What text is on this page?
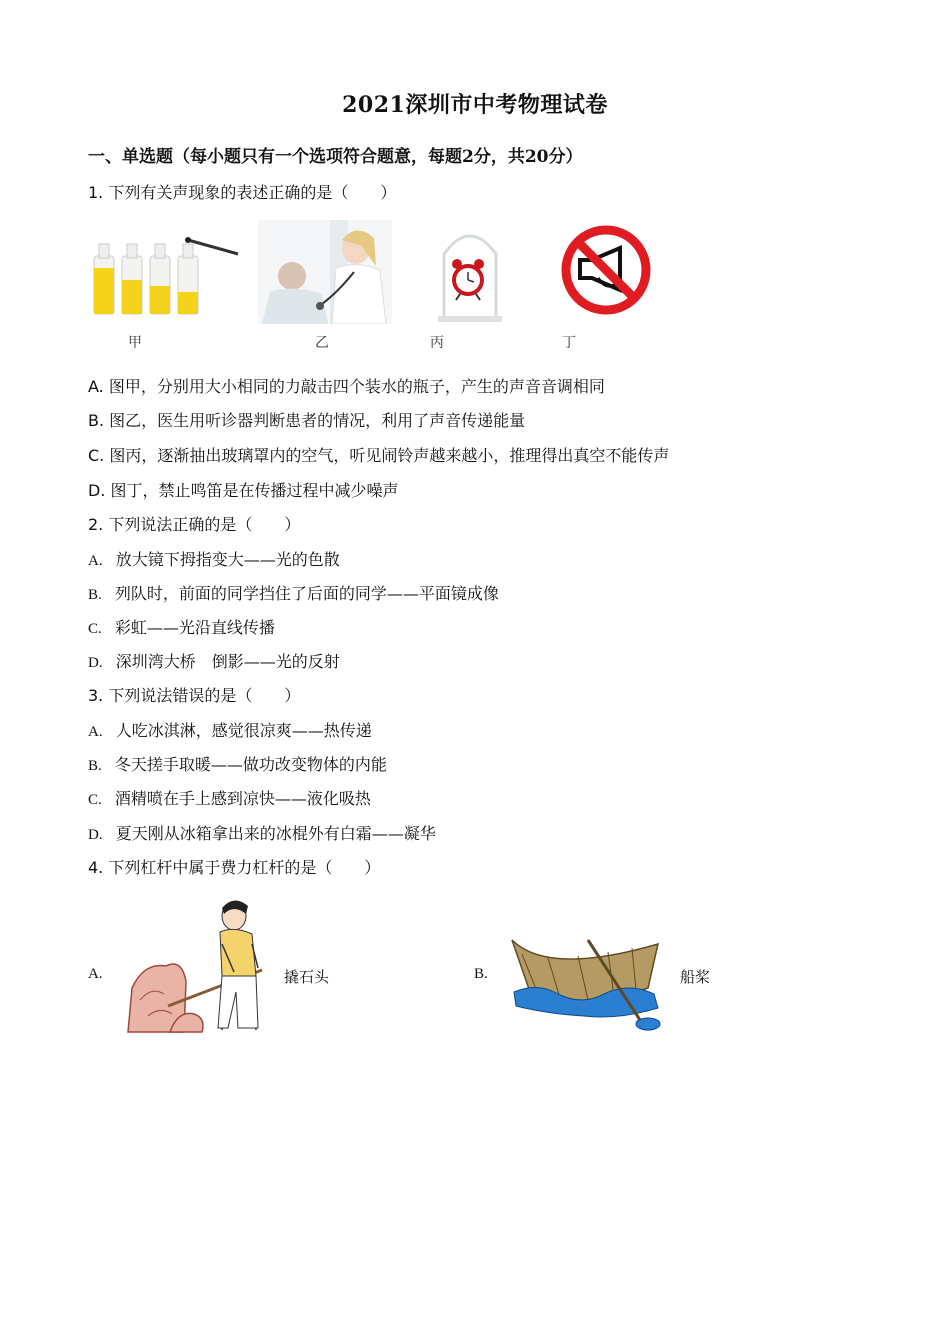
2021深圳市中考物理试卷
一、单选题（每小题只有一个选项符合题意，每题2分，共20分）
1. 下列有关声现象的表述正确的是（　　）
甲	乙	丙	丁
A. 图甲，分别用大小相同的力敲击四个装水的瓶子，产生的声音音调相同
B. 图乙，医生用听诊器判断患者的情况，利用了声音传递能量
C. 图丙，逐渐抽出玻璃罩内的空气，听见闹铃声越来越小，推理得出真空不能传声
D. 图丁，禁止鸣笛是在传播过程中减少噪声
2. 下列说法正确的是（　　）
A. 放大镜下拇指变大——光的色散
B. 列队时，前面的同学挡住了后面的同学——平面镜成像
C. 彩虹——光沿直线传播
D. 深圳湾大桥　倒影——光的反射
3. 下列说法错误的是（　　）
A. 人吃冰淇淋，感觉很凉爽——热传递
B. 冬天搓手取暖——做功改变物体的内能
C. 酒精喷在手上感到凉快——液化吸热
D. 夏天刚从冰箱拿出来的冰棍外有白霜——凝华
4. 下列杠杆中属于费力杠杆的是（　　）
A.	撬石头	B.	船桨
